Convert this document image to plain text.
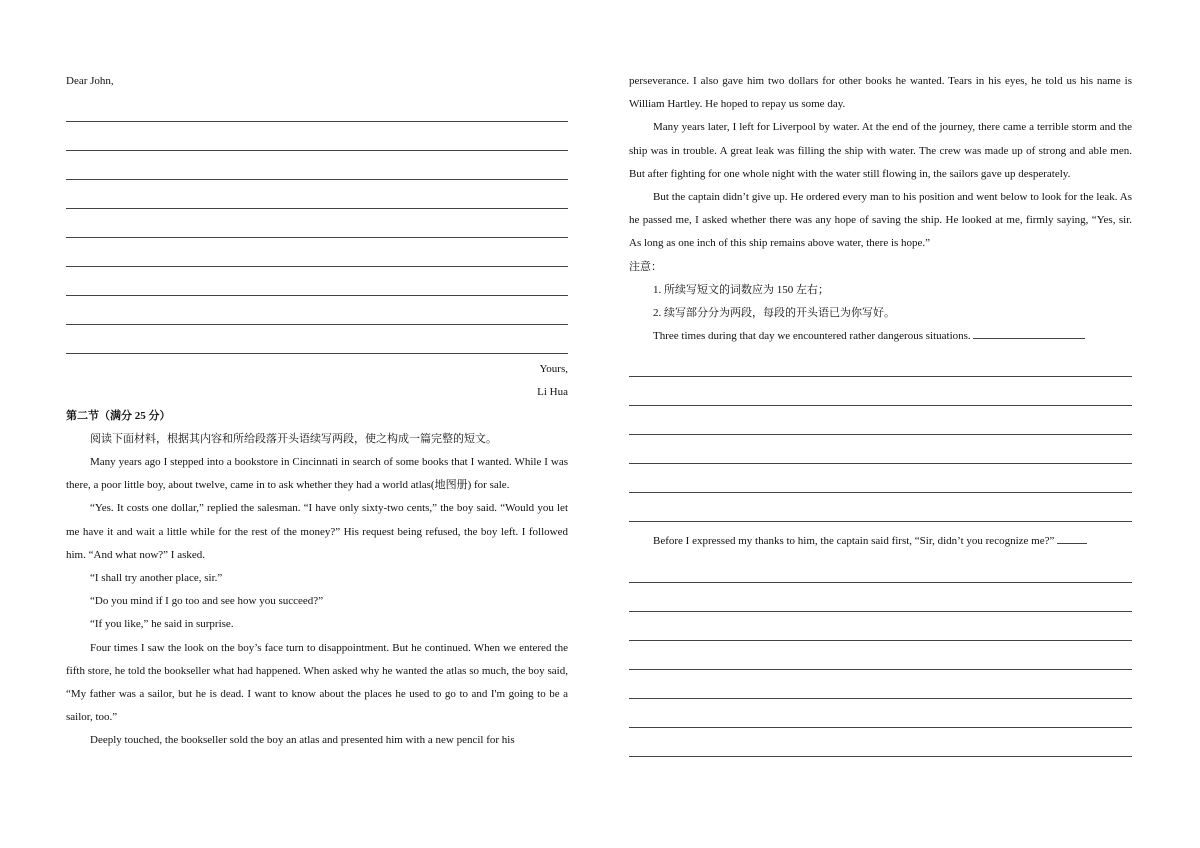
Dear John,

Yours,

Li Hua

第二节（满分 25 分）

阅读下面材料，根据其内容和所给段落开头语续写两段，使之构成一篇完整的短文。

Many years ago I stepped into a bookstore in Cincinnati in search of some books that I wanted. While I was there, a poor little boy, about twelve, came in to ask whether they had a world atlas(地图册) for sale.

“Yes. It costs one dollar,” replied the salesman. “I have only sixty-two cents,” the boy said. “Would you let me have it and wait a little while for the rest of the money?” His request being refused, the boy left. I followed him. “And what now?” I asked.

“I shall try another place, sir.”

“Do you mind if I go too and see how you succeed?”

“If you like,” he said in surprise.

Four times I saw the look on the boy’s face turn to disappointment. But he continued. When we entered the fifth store, he told the bookseller what had happened. When asked why he wanted the atlas so much, the boy said, “My father was a sailor, but he is dead. I want to know about the places he used to go to and I'm going to be a sailor, too.”

Deeply touched, the bookseller sold the boy an atlas and presented him with a new pencil for his

perseverance. I also gave him two dollars for other books he wanted. Tears in his eyes, he told us his name is William Hartley. He hoped to repay us some day.

Many years later, I left for Liverpool by water. At the end of the journey, there came a terrible storm and the ship was in trouble. A great leak was filling the ship with water. The crew was made up of strong and able men. But after fighting for one whole night with the water still flowing in, the sailors gave up desperately.

But the captain didn’t give up. He ordered every man to his position and went below to look for the leak. As he passed me, I asked whether there was any hope of saving the ship. He looked at me, firmly saying, “Yes, sir. As long as one inch of this ship remains above water, there is hope.”

注意：

1. 所续写短文的词数应为 150 左右；

2. 续写部分分为两段，每段的开头语已为你写好。

Three times during that day we encountered rather dangerous situations.

Before I expressed my thanks to him, the captain said first, “Sir, didn’t you recognize me?”
